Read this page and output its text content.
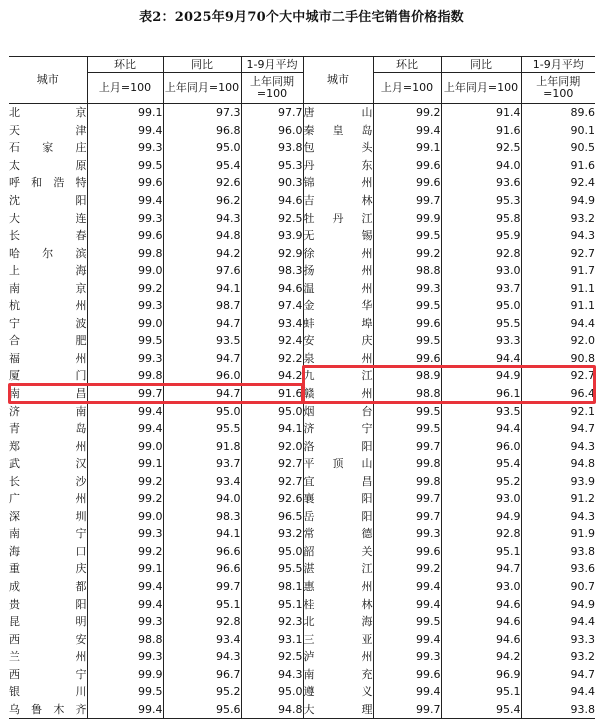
表2：2025年9月70个大中城市二手住宅销售价格指数
城市	环比	同比	1-9月平均	城市	环比	同比	1-9月平均
	上月=100	上年同月=100	上年同期=100		上月=100	上年同月=100	上年同期=100
北京	99.1	97.3	97.7	唐山	99.2	91.4	89.6
天津	99.4	96.8	96.0	秦皇岛	99.4	91.6	90.1
石家庄	99.3	95.0	93.8	包头	99.1	92.5	90.5
太原	99.5	95.4	95.3	丹东	99.6	94.0	91.6
呼和浩特	99.6	92.6	90.3	锦州	99.6	93.6	92.4
沈阳	99.4	96.2	94.6	吉林	99.7	95.3	94.9
大连	99.3	94.3	92.5	牡丹江	99.9	95.8	93.2
长春	99.6	94.8	93.9	无锡	99.5	95.9	94.3
哈尔滨	99.8	94.2	92.9	徐州	99.2	92.8	92.7
上海	99.0	97.6	98.3	扬州	98.8	93.0	91.7
南京	99.2	94.1	94.6	温州	99.3	93.7	91.1
杭州	99.3	98.7	97.4	金华	99.5	95.0	91.1
宁波	99.0	94.7	93.4	蚌埠	99.6	95.5	94.4
合肥	99.5	93.5	92.4	安庆	99.5	93.3	92.0
福州	99.3	94.7	92.2	泉州	99.6	94.4	90.8
厦门	99.8	96.0	94.2	九江	98.9	94.9	92.7
南昌	99.7	94.7	91.6	赣州	98.8	96.1	96.4
济南	99.4	95.0	95.0	烟台	99.5	93.5	92.1
青岛	99.4	95.5	94.1	济宁	99.5	94.4	94.7
郑州	99.0	91.8	92.0	洛阳	99.7	96.0	94.3
武汉	99.1	93.7	92.7	平顶山	99.8	95.4	94.8
长沙	99.2	93.4	92.7	宜昌	99.8	95.2	93.9
广州	99.2	94.0	92.6	襄阳	99.7	93.0	91.2
深圳	99.0	98.3	96.5	岳阳	99.7	94.9	94.3
南宁	99.3	94.1	93.2	常德	99.3	92.8	91.9
海口	99.2	96.6	95.0	韶关	99.6	95.1	93.8
重庆	99.1	96.6	95.5	湛江	99.2	94.7	93.6
成都	99.4	99.7	98.1	惠州	99.4	93.0	90.7
贵阳	99.4	95.1	95.1	桂林	99.4	94.6	94.9
昆明	99.3	92.8	92.3	北海	99.5	94.6	94.4
西安	98.8	93.4	93.1	三亚	99.4	94.6	93.3
兰州	99.3	94.3	92.5	泸州	99.3	94.2	93.2
西宁	99.9	96.7	94.3	南充	99.6	96.9	94.7
银川	99.5	95.2	95.0	遵义	99.4	95.1	94.4
乌鲁木齐	99.4	95.6	94.8	大理	99.7	95.4	93.8
